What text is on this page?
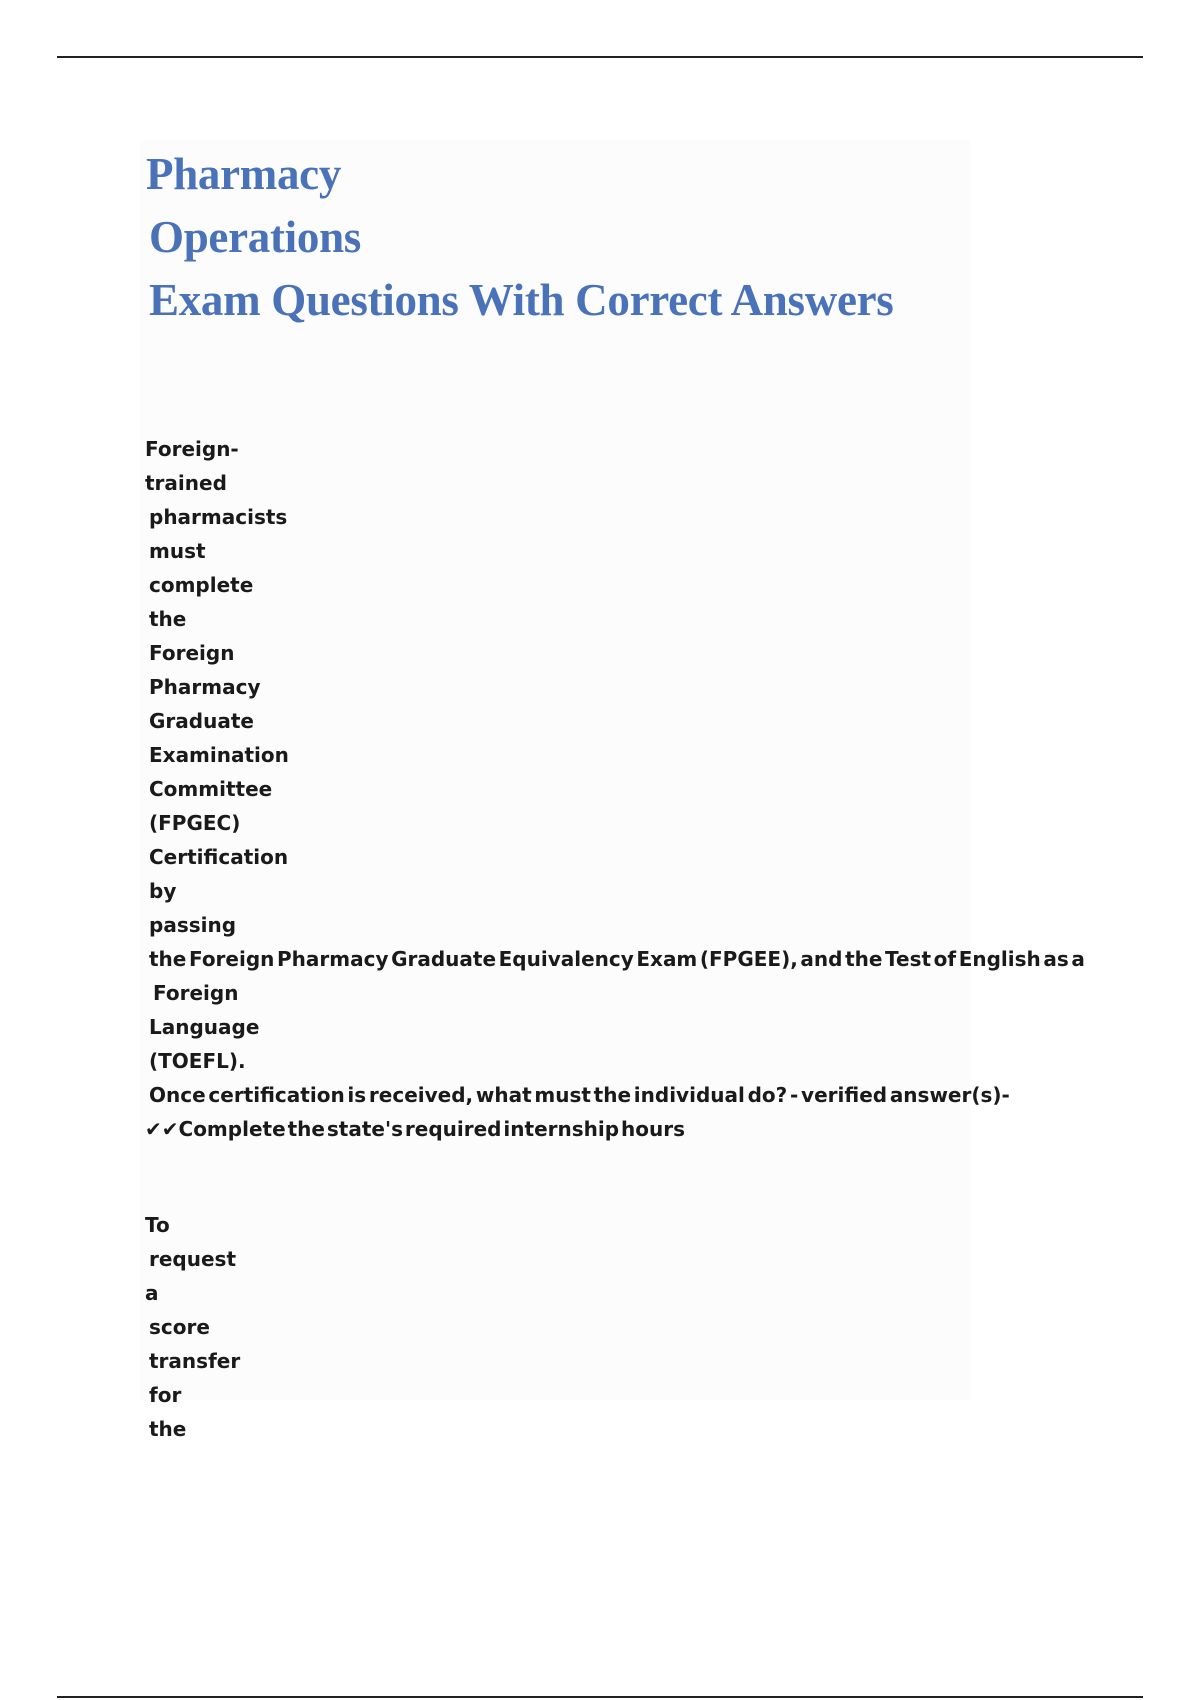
Pharmacy
Operations
Exam Questions With Correct Answers
Foreign-
trained
pharmacists
must
complete
the
Foreign
Pharmacy
Graduate
Examination
Committee
(FPGEC)
Certification
by
passing
the Foreign Pharmacy Graduate Equivalency Exam (FPGEE), and the Test of English as a
Foreign
Language
(TOEFL).
Once certification is received, what must the individual do? - verified answer(s)-
✔✔Complete the state's required internship hours
To
request
a
score
transfer
for
the
